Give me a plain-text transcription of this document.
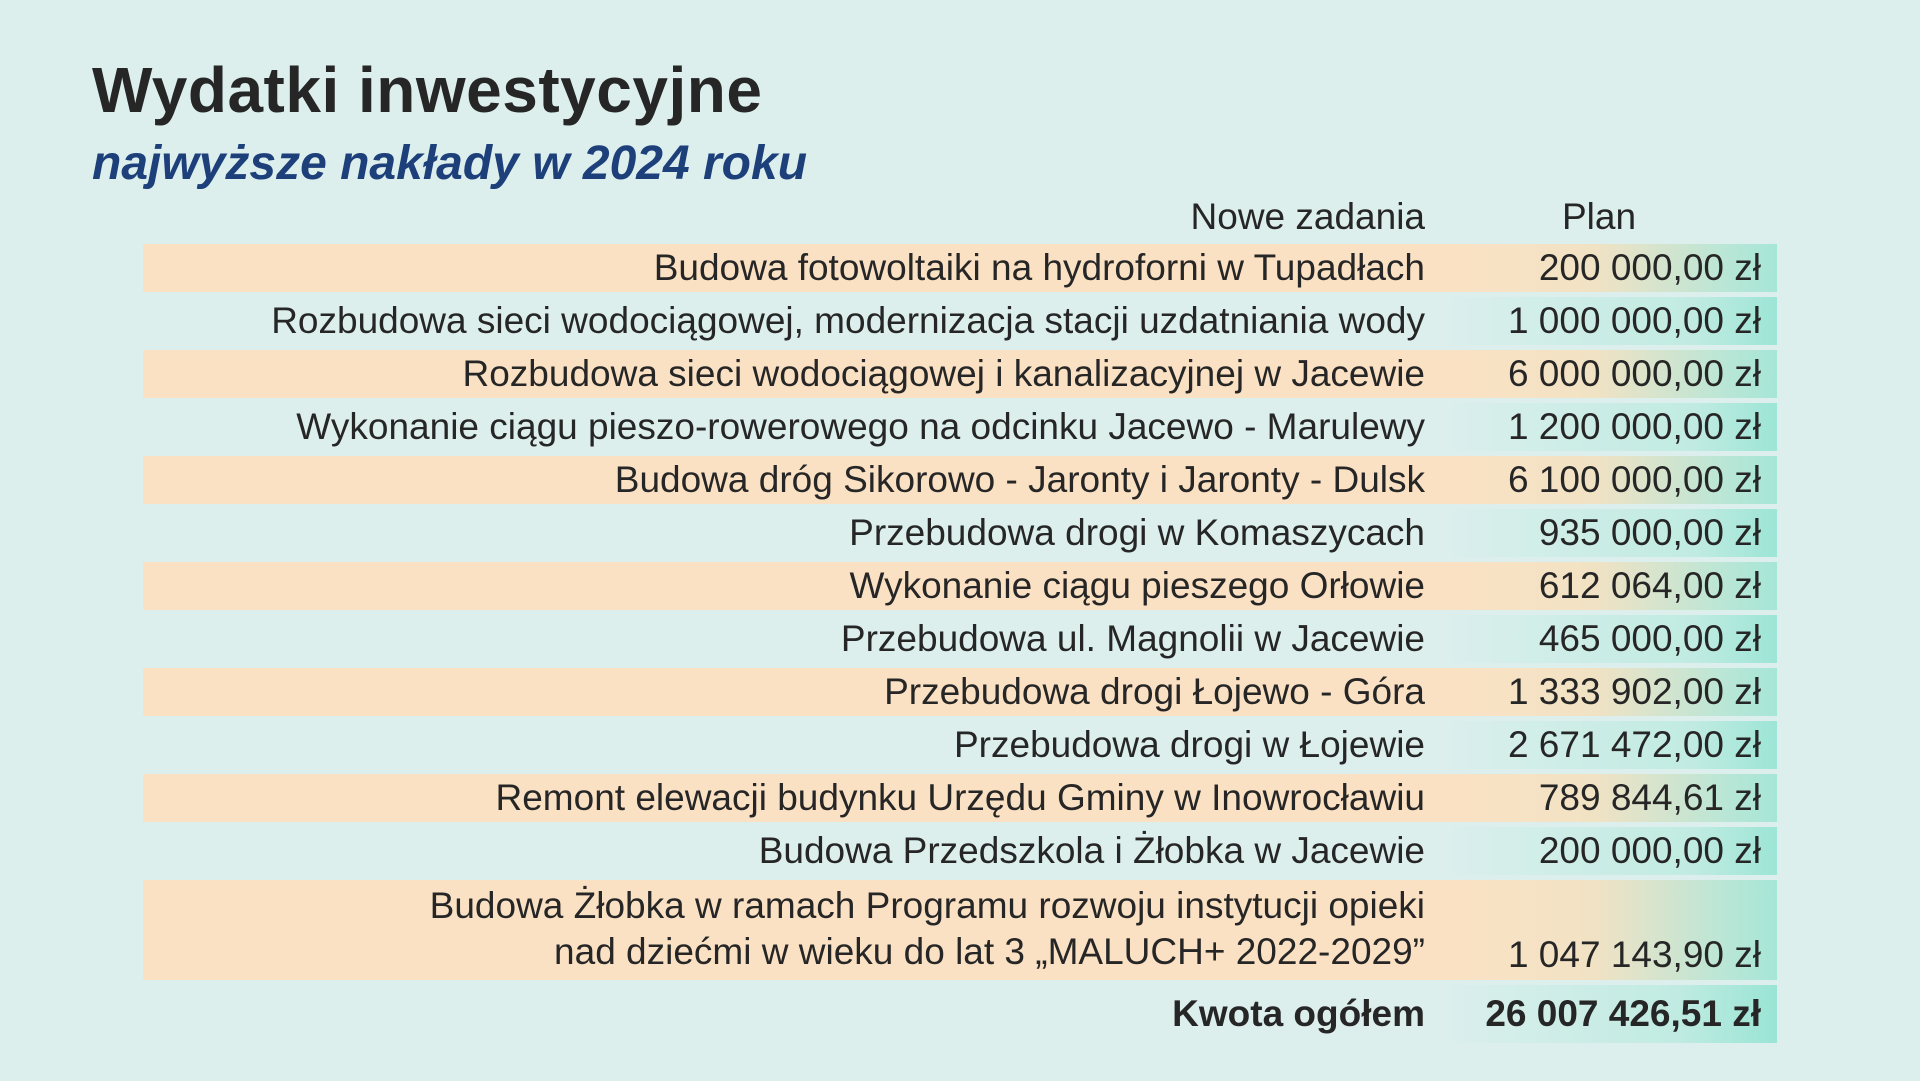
Wydatki inwestycyjne
najwyższe nakłady w 2024 roku
Nowe zadania	Plan
Budowa fotowoltaiki na hydroforni w Tupadłach	200 000,00 zł
Rozbudowa sieci wodociągowej, modernizacja stacji uzdatniania wody	1 000 000,00 zł
Rozbudowa sieci wodociągowej i kanalizacyjnej w Jacewie	6 000 000,00 zł
Wykonanie ciągu pieszo-rowerowego na odcinku Jacewo - Marulewy	1 200 000,00 zł
Budowa dróg Sikorowo - Jaronty i Jaronty - Dulsk	6 100 000,00 zł
Przebudowa drogi w Komaszycach	935 000,00 zł
Wykonanie ciągu pieszego Orłowie	612 064,00 zł
Przebudowa ul. Magnolii w Jacewie	465 000,00 zł
Przebudowa drogi Łojewo - Góra	1 333 902,00 zł
Przebudowa drogi w Łojewie	2 671 472,00 zł
Remont elewacji budynku Urzędu Gminy w Inowrocławiu	789 844,61 zł
Budowa Przedszkola i Żłobka w Jacewie	200 000,00 zł
Budowa Żłobka w ramach Programu rozwoju instytucji opieki
nad dziećmi w wieku do lat 3 „MALUCH+ 2022-2029” 1 047 143,90 zł
Kwota ogółem	26 007 426,51 zł
